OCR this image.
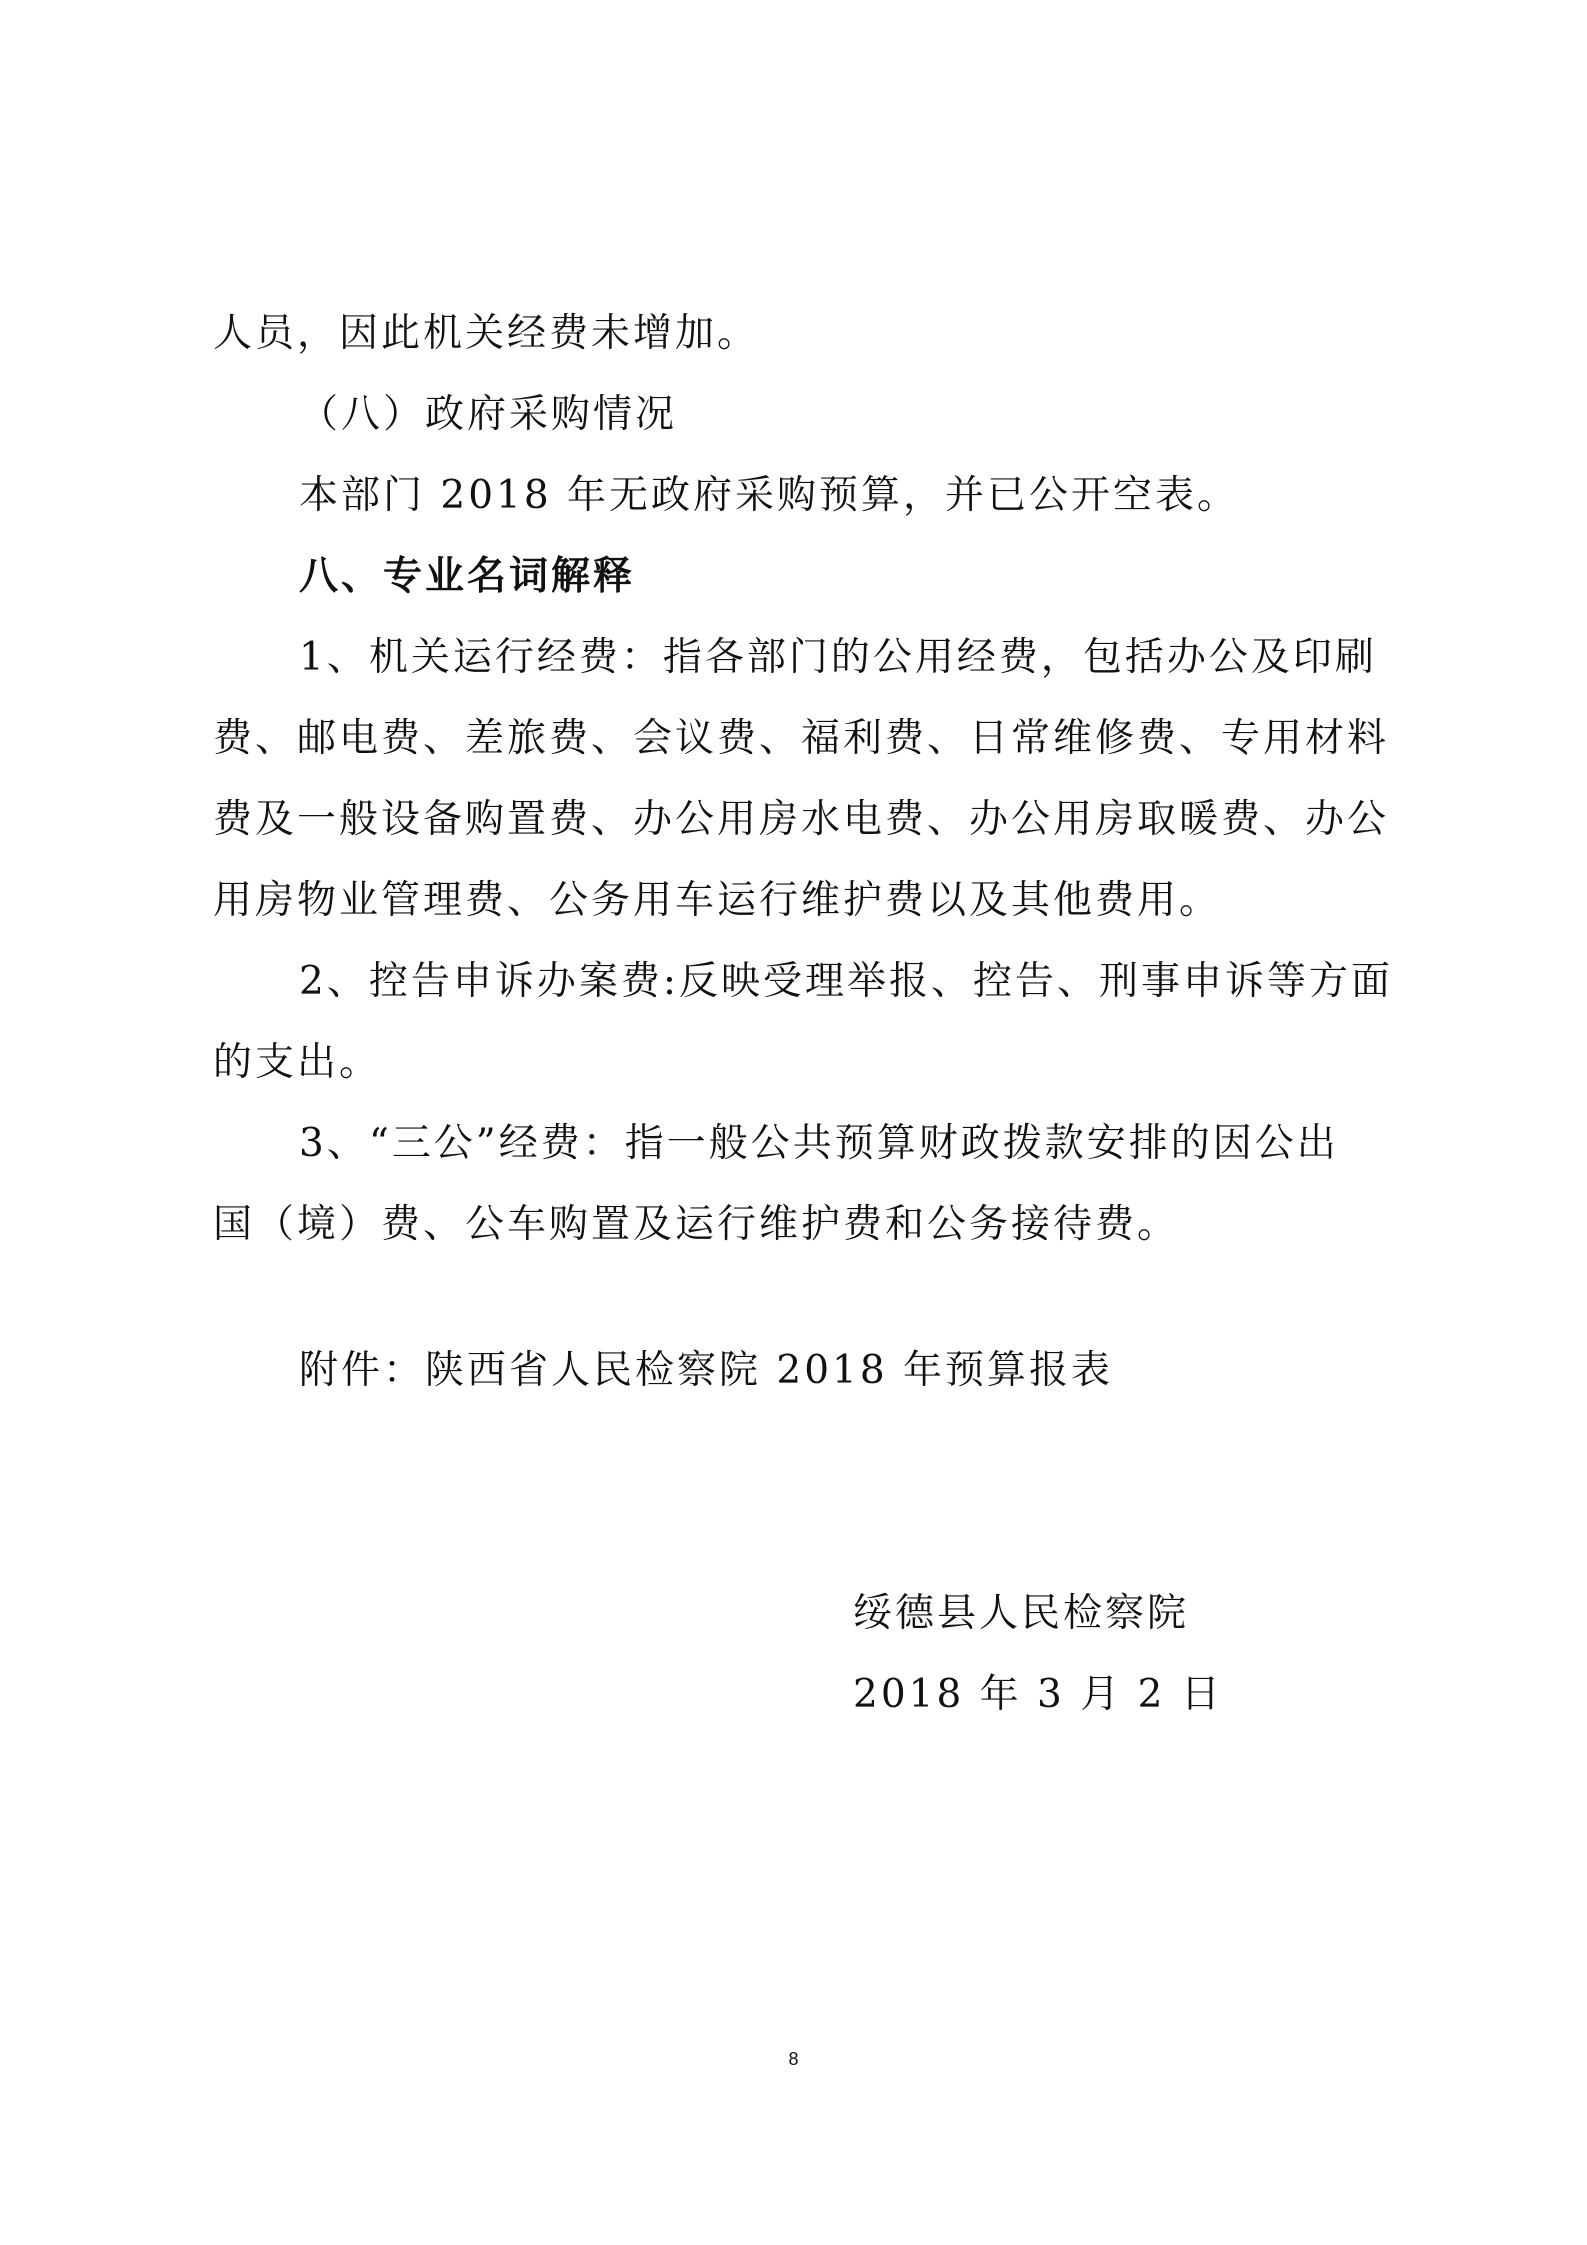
人员，因此机关经费未增加。
（八）政府采购情况
本部门 2018 年无政府采购预算，并已公开空表。
八、专业名词解释
1、机关运行经费：指各部门的公用经费，包括办公及印刷
费、邮电费、差旅费、会议费、福利费、日常维修费、专用材料
费及一般设备购置费、办公用房水电费、办公用房取暖费、办公
用房物业管理费、公务用车运行维护费以及其他费用。
2、控告申诉办案费:反映受理举报、控告、刑事申诉等方面
的支出。
3、“三公”经费：指一般公共预算财政拨款安排的因公出
国（境）费、公车购置及运行维护费和公务接待费。
附件：陕西省人民检察院 2018 年预算报表
绥德县人民检察院
2018 年 3 月 2 日
8
